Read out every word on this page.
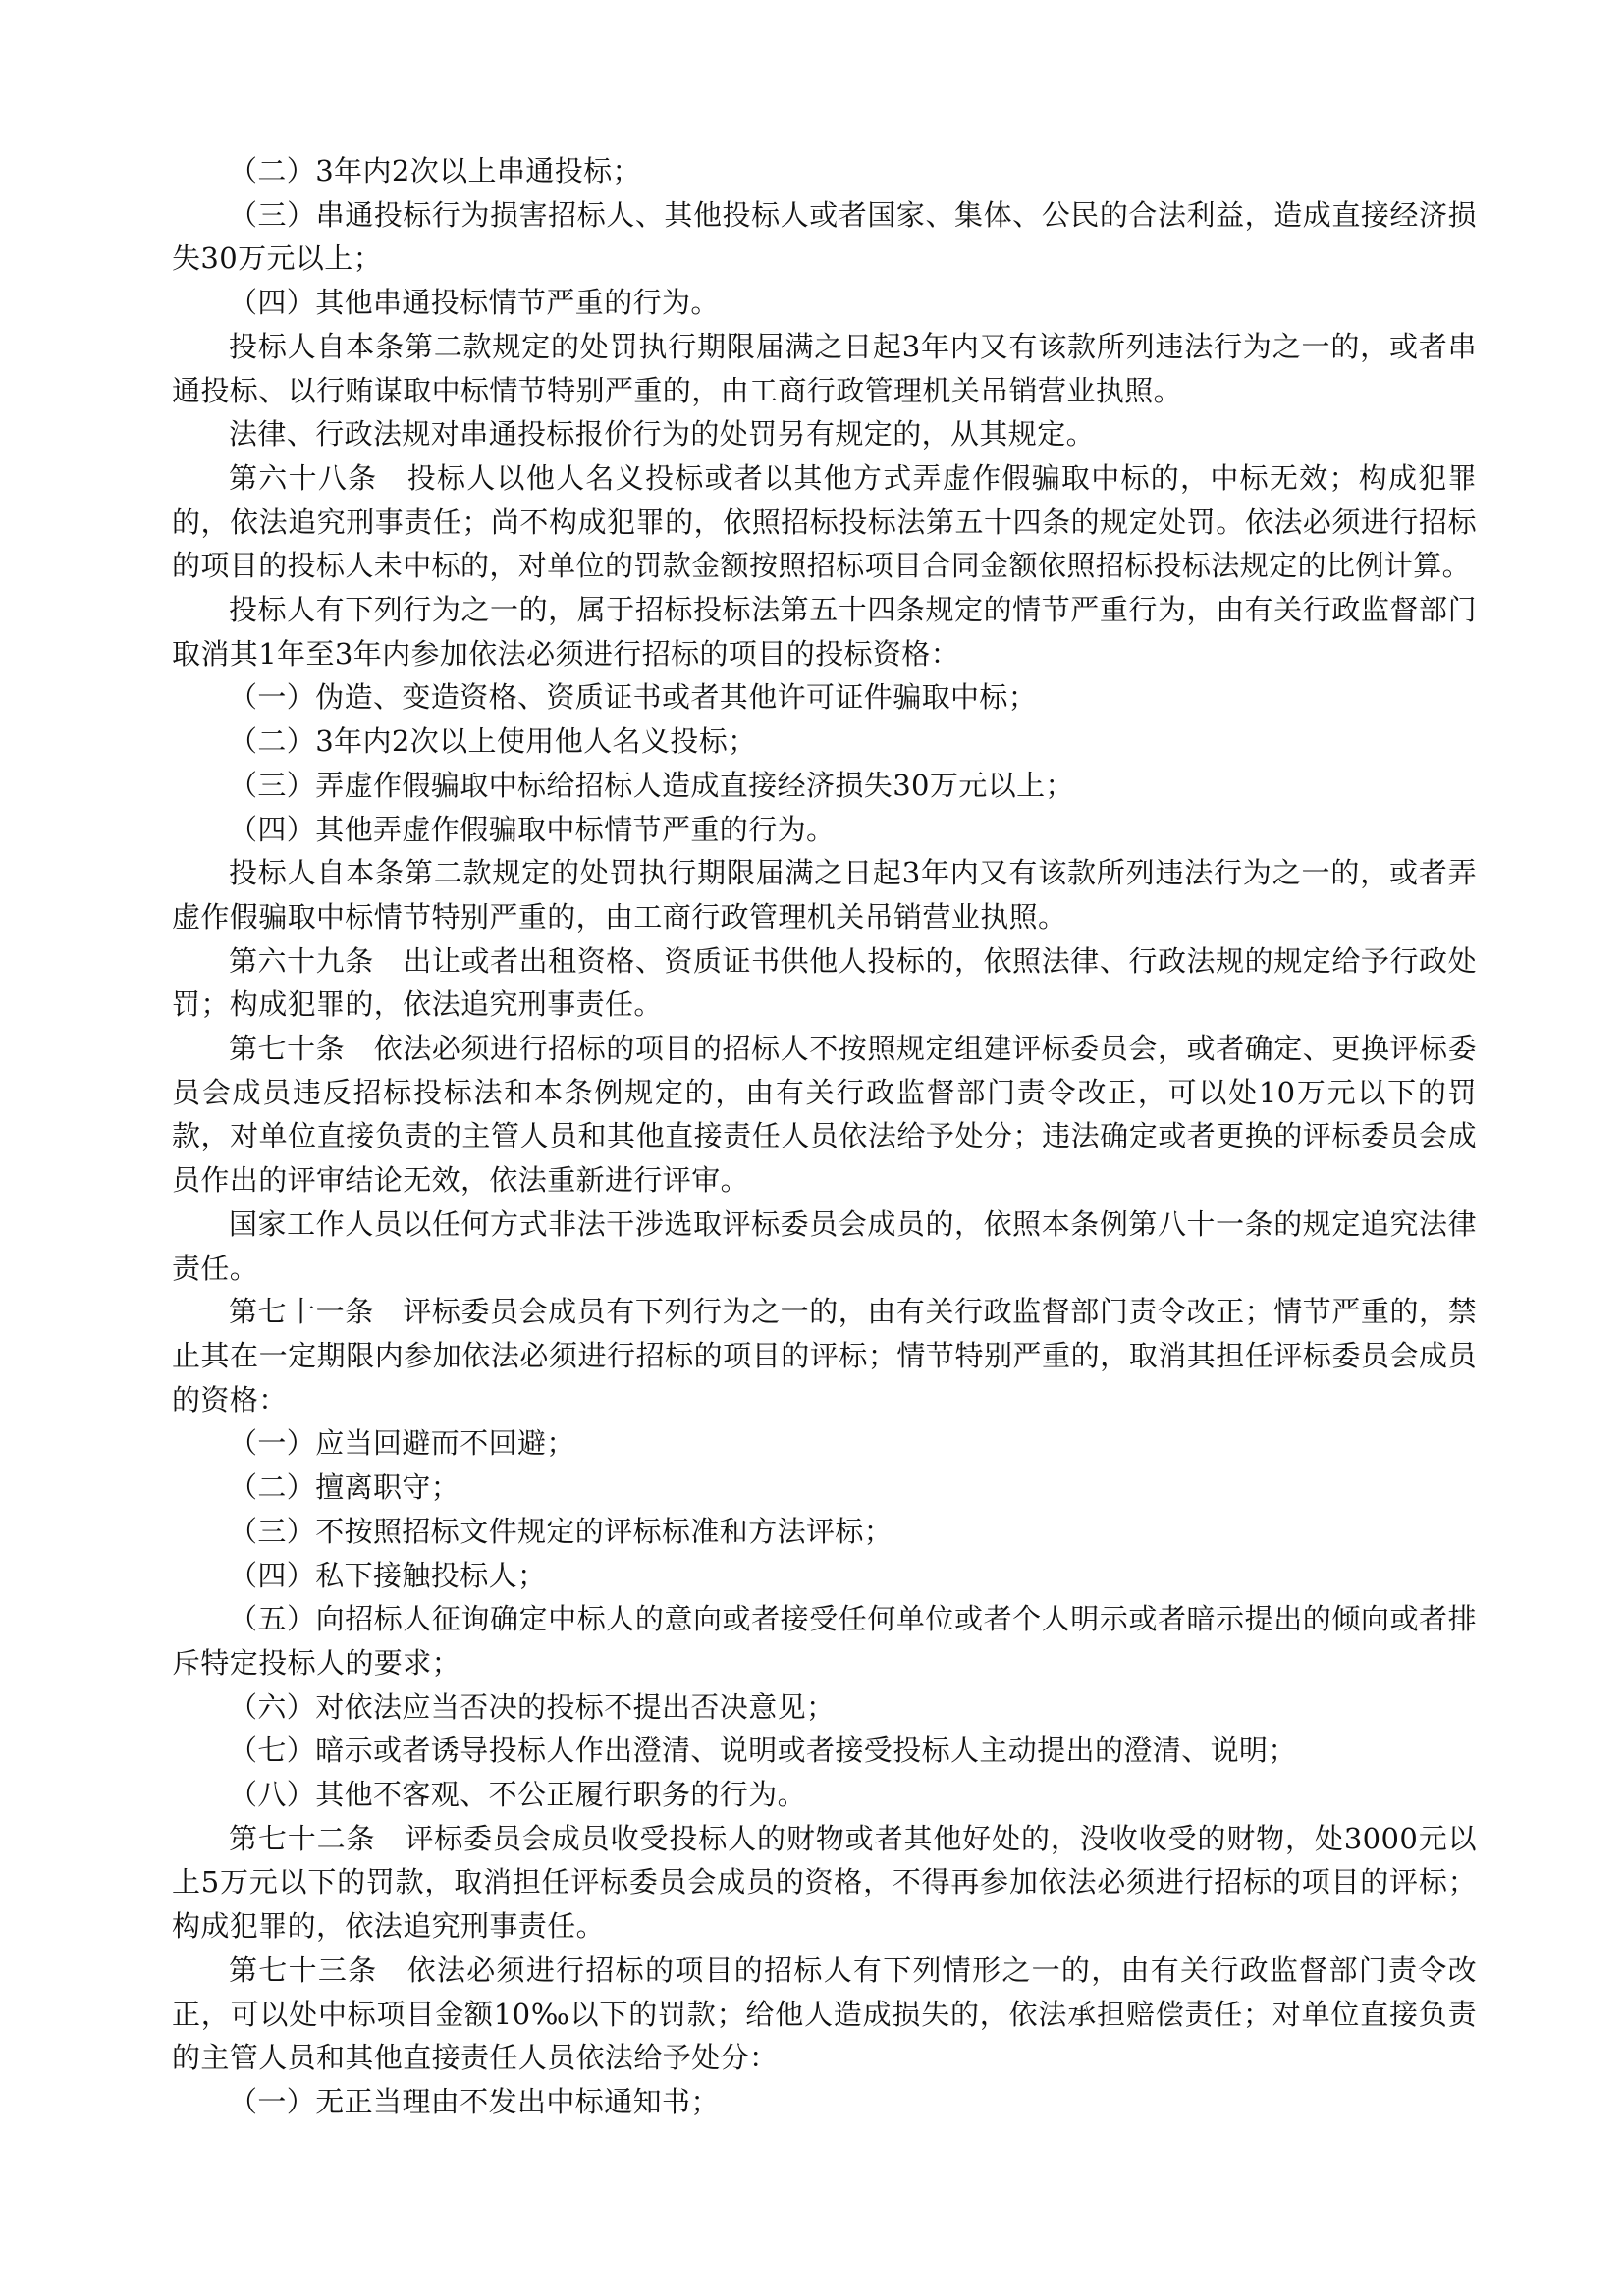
（二）3年内2次以上串通投标；

（三）串通投标行为损害招标人、其他投标人或者国家、集体、公民的合法利益，造成直接经济损失30万元以上；

（四）其他串通投标情节严重的行为。

投标人自本条第二款规定的处罚执行期限届满之日起3年内又有该款所列违法行为之一的，或者串通投标、以行贿谋取中标情节特别严重的，由工商行政管理机关吊销营业执照。

法律、行政法规对串通投标报价行为的处罚另有规定的，从其规定。

第六十八条　投标人以他人名义投标或者以其他方式弄虚作假骗取中标的，中标无效；构成犯罪的，依法追究刑事责任；尚不构成犯罪的，依照招标投标法第五十四条的规定处罚。依法必须进行招标的项目的投标人未中标的，对单位的罚款金额按照招标项目合同金额依照招标投标法规定的比例计算。

投标人有下列行为之一的，属于招标投标法第五十四条规定的情节严重行为，由有关行政监督部门取消其1年至3年内参加依法必须进行招标的项目的投标资格：

（一）伪造、变造资格、资质证书或者其他许可证件骗取中标；

（二）3年内2次以上使用他人名义投标；

（三）弄虚作假骗取中标给招标人造成直接经济损失30万元以上；

（四）其他弄虚作假骗取中标情节严重的行为。

投标人自本条第二款规定的处罚执行期限届满之日起3年内又有该款所列违法行为之一的，或者弄虚作假骗取中标情节特别严重的，由工商行政管理机关吊销营业执照。

第六十九条　出让或者出租资格、资质证书供他人投标的，依照法律、行政法规的规定给予行政处罚；构成犯罪的，依法追究刑事责任。

第七十条　依法必须进行招标的项目的招标人不按照规定组建评标委员会，或者确定、更换评标委员会成员违反招标投标法和本条例规定的，由有关行政监督部门责令改正，可以处10万元以下的罚款，对单位直接负责的主管人员和其他直接责任人员依法给予处分；违法确定或者更换的评标委员会成员作出的评审结论无效，依法重新进行评审。

国家工作人员以任何方式非法干涉选取评标委员会成员的，依照本条例第八十一条的规定追究法律责任。

第七十一条　评标委员会成员有下列行为之一的，由有关行政监督部门责令改正；情节严重的，禁止其在一定期限内参加依法必须进行招标的项目的评标；情节特别严重的，取消其担任评标委员会成员的资格：

（一）应当回避而不回避；

（二）擅离职守；

（三）不按照招标文件规定的评标标准和方法评标；

（四）私下接触投标人；

（五）向招标人征询确定中标人的意向或者接受任何单位或者个人明示或者暗示提出的倾向或者排斥特定投标人的要求；

（六）对依法应当否决的投标不提出否决意见；

（七）暗示或者诱导投标人作出澄清、说明或者接受投标人主动提出的澄清、说明；

（八）其他不客观、不公正履行职务的行为。

第七十二条　评标委员会成员收受投标人的财物或者其他好处的，没收收受的财物，处3000元以上5万元以下的罚款，取消担任评标委员会成员的资格，不得再参加依法必须进行招标的项目的评标；构成犯罪的，依法追究刑事责任。

第七十三条　依法必须进行招标的项目的招标人有下列情形之一的，由有关行政监督部门责令改正，可以处中标项目金额10‰以下的罚款；给他人造成损失的，依法承担赔偿责任；对单位直接负责的主管人员和其他直接责任人员依法给予处分：

（一）无正当理由不发出中标通知书；
